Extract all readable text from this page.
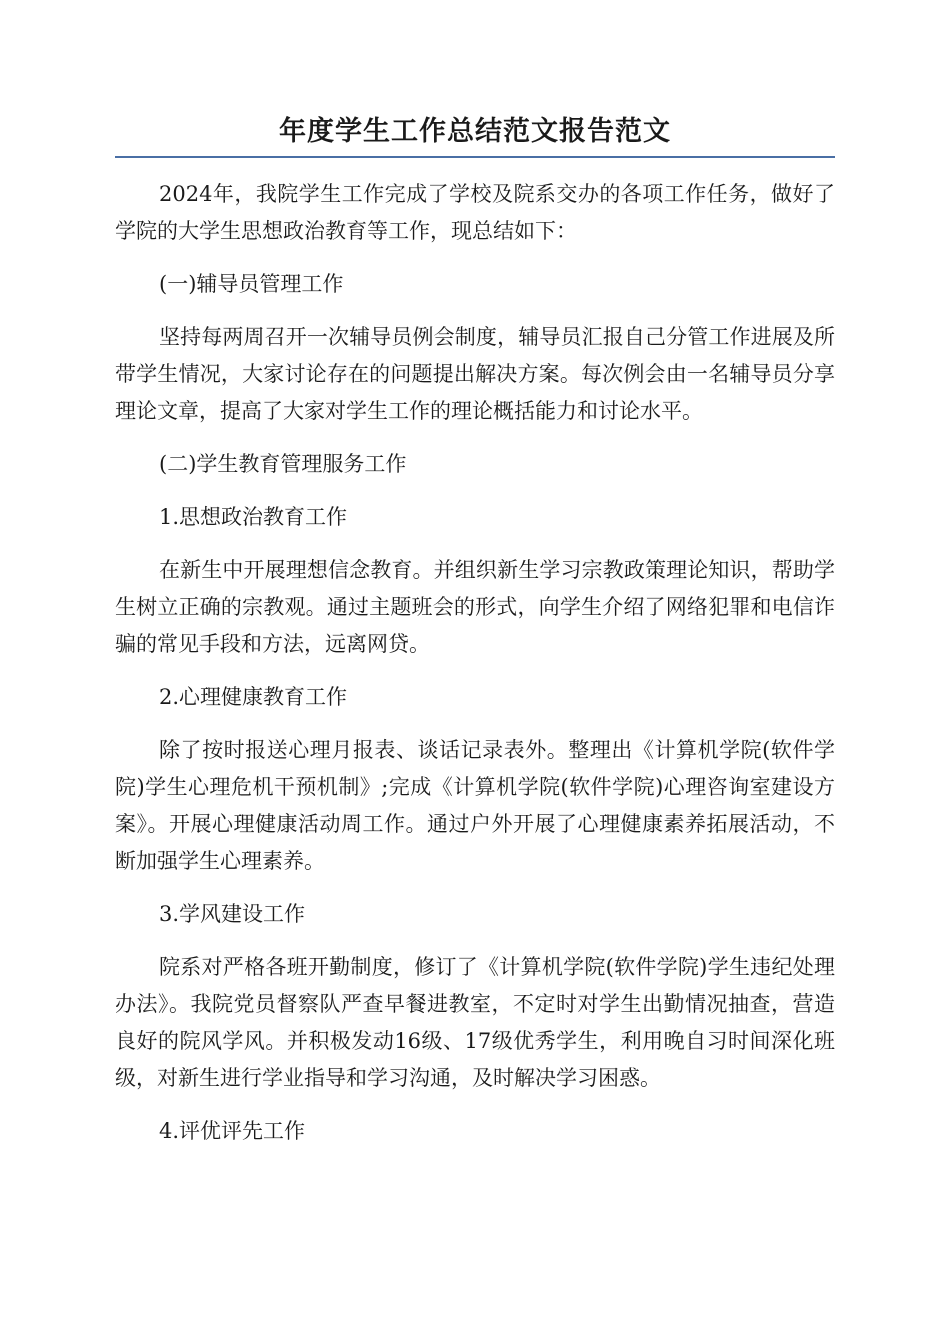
年度学生工作总结范文报告范文

2024年，我院学生工作完成了学校及院系交办的各项工作任务，做好了学院的大学生思想政治教育等工作，现总结如下：

(一)辅导员管理工作

坚持每两周召开一次辅导员例会制度，辅导员汇报自己分管工作进展及所带学生情况，大家讨论存在的问题提出解决方案。每次例会由一名辅导员分享理论文章，提高了大家对学生工作的理论概括能力和讨论水平。

(二)学生教育管理服务工作

1.思想政治教育工作

在新生中开展理想信念教育。并组织新生学习宗教政策理论知识，帮助学生树立正确的宗教观。通过主题班会的形式，向学生介绍了网络犯罪和电信诈骗的常见手段和方法，远离网贷。

2.心理健康教育工作

除了按时报送心理月报表、谈话记录表外。整理出《计算机学院(软件学院)学生心理危机干预机制》;完成《计算机学院(软件学院)心理咨询室建设方案》。开展心理健康活动周工作。通过户外开展了心理健康素养拓展活动，不断加强学生心理素养。

3.学风建设工作

院系对严格各班开勤制度，修订了《计算机学院(软件学院)学生违纪处理办法》。我院党员督察队严查早餐进教室，不定时对学生出勤情况抽查，营造良好的院风学风。并积极发动16级、17级优秀学生，利用晚自习时间深化班级，对新生进行学业指导和学习沟通，及时解决学习困惑。

4.评优评先工作
